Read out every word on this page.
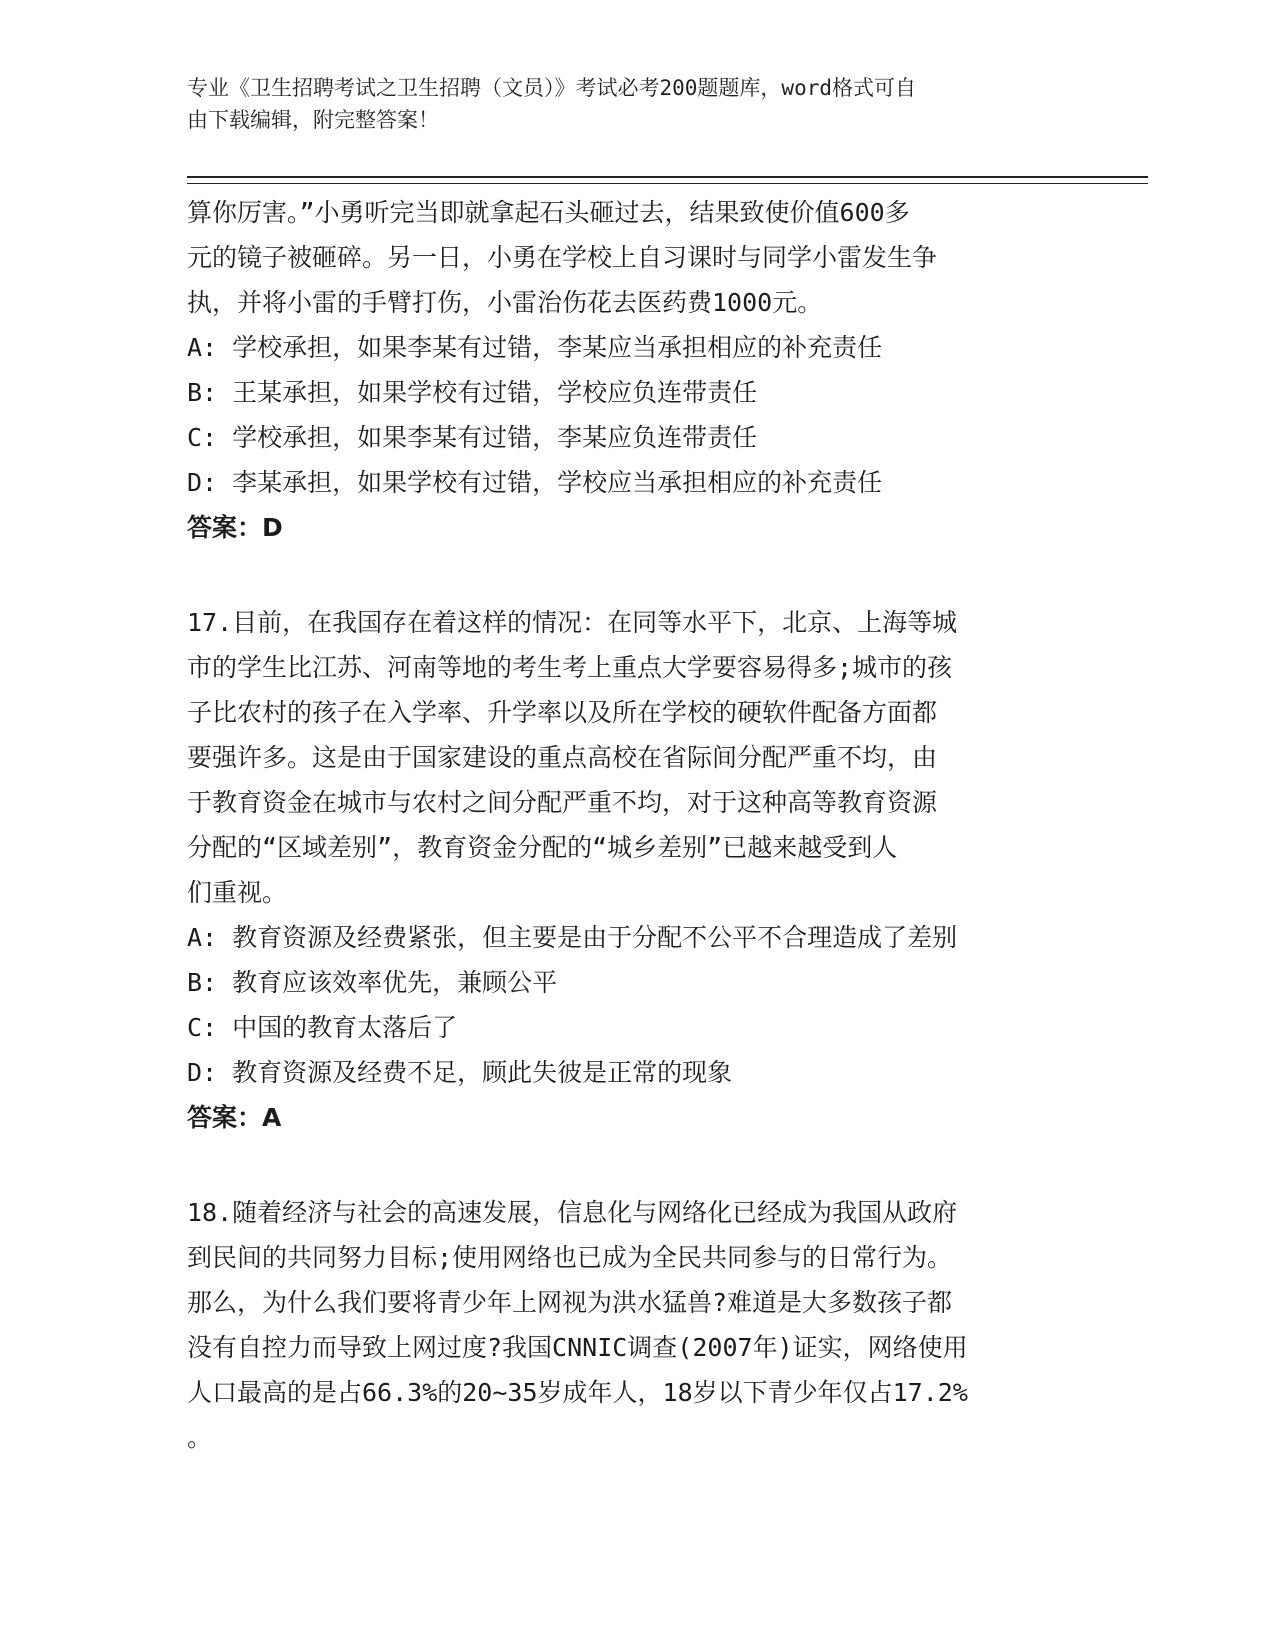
专业《卫生招聘考试之卫生招聘（文员）》考试必考200题题库，word格式可自
由下载编辑，附完整答案！
算你厉害。”小勇听完当即就拿起石头砸过去，结果致使价值600多
元的镜子被砸碎。另一日，小勇在学校上自习课时与同学小雷发生争
执，并将小雷的手臂打伤，小雷治伤花去医药费1000元。
A: 学校承担，如果李某有过错，李某应当承担相应的补充责任
B: 王某承担，如果学校有过错，学校应负连带责任
C: 学校承担，如果李某有过错，李某应负连带责任
D: 李某承担，如果学校有过错，学校应当承担相应的补充责任
答案：D
17.目前，在我国存在着这样的情况：在同等水平下，北京、上海等城
市的学生比江苏、河南等地的考生考上重点大学要容易得多;城市的孩
子比农村的孩子在入学率、升学率以及所在学校的硬软件配备方面都
要强许多。这是由于国家建设的重点高校在省际间分配严重不均，由
于教育资金在城市与农村之间分配严重不均，对于这种高等教育资源
分配的“区域差别”，教育资金分配的“城乡差别”已越来越受到人
们重视。
A: 教育资源及经费紧张，但主要是由于分配不公平不合理造成了差别
B: 教育应该效率优先，兼顾公平
C: 中国的教育太落后了
D: 教育资源及经费不足，顾此失彼是正常的现象
答案：A
18.随着经济与社会的高速发展，信息化与网络化已经成为我国从政府
到民间的共同努力目标;使用网络也已成为全民共同参与的日常行为。
那么，为什么我们要将青少年上网视为洪水猛兽?难道是大多数孩子都
没有自控力而导致上网过度?我国CNNIC调查(2007年)证实，网络使用
人口最高的是占66.3%的20~35岁成年人，18岁以下青少年仅占17.2%
。
